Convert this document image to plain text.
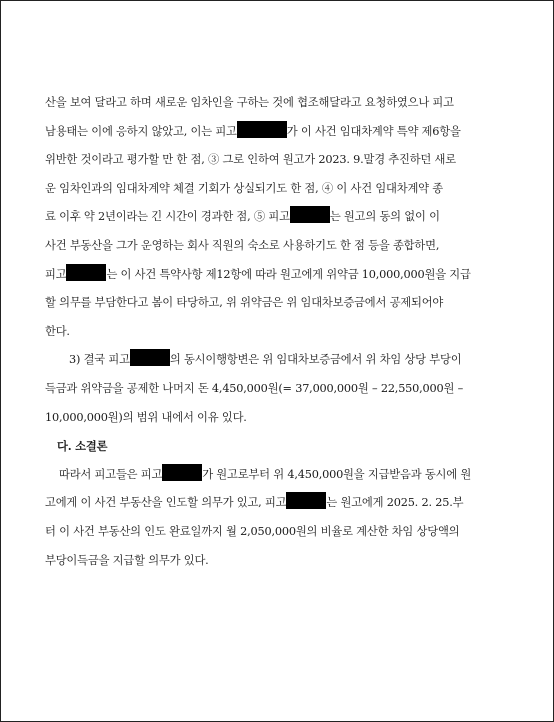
산을 보여 달라고 하며 새로운 임차인을 구하는 것에 협조해달라고 요청하였으나 피고
남용태는 이에 응하지 않았고, 이는 피고	가 이 사건 임대차계약 특약 제6항을
위반한 것이라고 평가할 만 한 점, ③ 그로 인하여 원고가 2023. 9.말경 추진하던 새로
운 임차인과의 임대차계약 체결 기회가 상실되기도 한 점, ④ 이 사건 임대차계약 종
료 이후 약 2년이라는 긴 시간이 경과한 점, ⑤ 피고	는 원고의 동의 없이 이
사건 부동산을 그가 운영하는 회사 직원의 숙소로 사용하기도 한 점 등을 종합하면,
피고	는 이 사건 특약사항 제12항에 따라 원고에게 위약금 10,000,000원을 지급
할 의무를 부담한다고 봄이 타당하고, 위 위약금은 위 임대차보증금에서 공제되어야
한다.
3) 결국 피고	의 동시이행항변은 위 임대차보증금에서 위 차임 상당 부당이
득금과 위약금을 공제한 나머지 돈 4,450,000원(= 37,000,000원 – 22,550,000원 –
10,000,000원)의 범위 내에서 이유 있다.
다. 소결론
따라서 피고들은 피고	가 원고로부터 위 4,450,000원을 지급받음과 동시에 원
고에게 이 사건 부동산을 인도할 의무가 있고, 피고	는 원고에게 2025. 2. 25.부
터 이 사건 부동산의 인도 완료일까지 월 2,050,000원의 비율로 계산한 차임 상당액의
부당이득금을 지급할 의무가 있다.
